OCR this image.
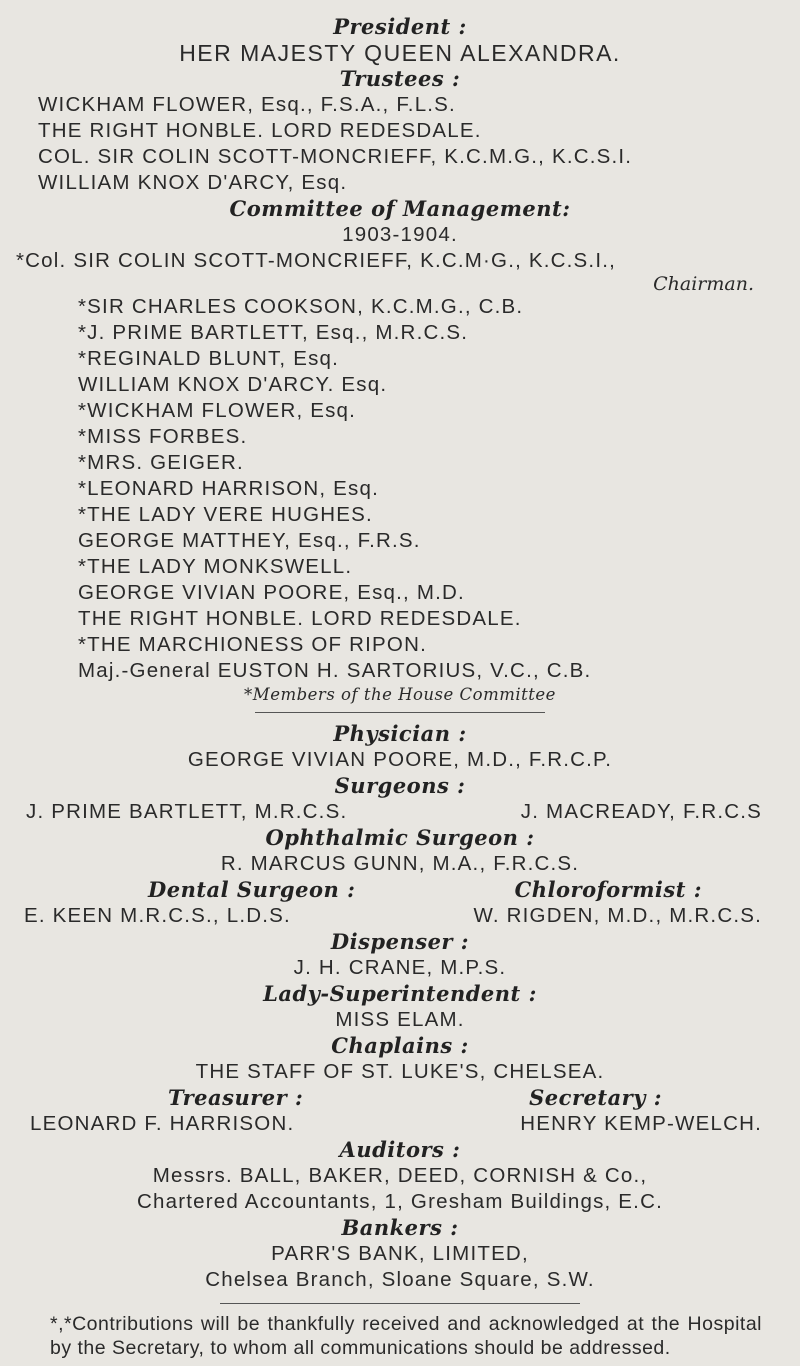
President :
HER MAJESTY QUEEN ALEXANDRA.
Trustees :
WICKHAM FLOWER, Esq., F.S.A., F.L.S.
THE RIGHT HONBLE. LORD REDESDALE.
COL. SIR COLIN SCOTT-MONCRIEFF, K.C.M.G., K.C.S.I.
WILLIAM KNOX D'ARCY, Esq.
Committee of Management:
1903-1904.
*Col. SIR COLIN SCOTT-MONCRIEFF, K.C.M·G., K.C.S.I.,
Chairman.
*SIR CHARLES COOKSON, K.C.M.G., C.B.
*J. PRIME BARTLETT, Esq., M.R.C.S.
*REGINALD BLUNT, Esq.
WILLIAM KNOX D'ARCY. Esq.
*WICKHAM FLOWER, Esq.
*MISS FORBES.
*MRS. GEIGER.
*LEONARD HARRISON, Esq.
*THE LADY VERE HUGHES.
GEORGE MATTHEY, Esq., F.R.S.
*THE LADY MONKSWELL.
GEORGE VIVIAN POORE, Esq., M.D.
THE RIGHT HONBLE. LORD REDESDALE.
*THE MARCHIONESS OF RIPON.
Maj.-General EUSTON H. SARTORIUS, V.C., C.B.
*Members of the House Committee
Physician :
GEORGE VIVIAN POORE, M.D., F.R.C.P.
Surgeons :
J. PRIME BARTLETT, M.R.C.S.	J. MACREADY, F.R.C.S
Ophthalmic Surgeon :
R. MARCUS GUNN, M.A., F.R.C.S.
Dental Surgeon :
E. KEEN M.R.C.S., L.D.S.
Chloroformist :
W. RIGDEN, M.D., M.R.C.S.
Dispenser :
J. H. CRANE, M.P.S.
Lady-Superintendent :
MISS ELAM.
Chaplains :
THE STAFF OF ST. LUKE'S, CHELSEA.
Treasurer :
LEONARD F. HARRISON.
Secretary :
HENRY KEMP-WELCH.
Auditors :
Messrs. BALL, BAKER, DEED, CORNISH & Co.,
Chartered Accountants, 1, Gresham Buildings, E.C.
Bankers :
PARR'S BANK, LIMITED,
Chelsea Branch, Sloane Square, S.W.
*,*Contributions will be thankfully received and acknowledged at the Hospital by the Secretary, to whom all communications should be addressed.
